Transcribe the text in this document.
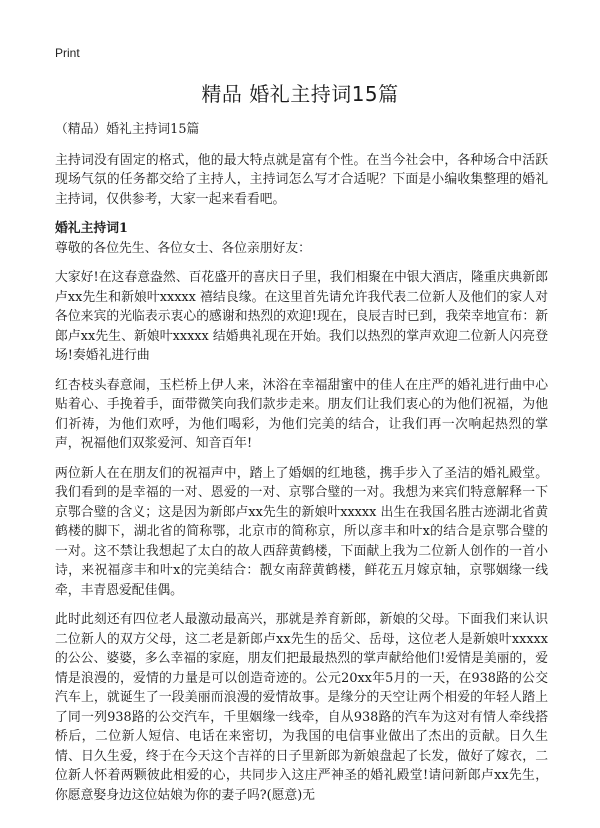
Print
精品 婚礼主持词15篇

（精品）婚礼主持词15篇

主持词没有固定的格式，他的最大特点就是富有个性。在当今社会中，各种场合中活跃现场气氛的任务都交给了主持人，主持词怎么写才合适呢？下面是小编收集整理的婚礼主持词，仅供参考，大家一起来看看吧。

婚礼主持词1

尊敬的各位先生、各位女士、各位亲朋好友：

大家好!在这春意盎然、百花盛开的喜庆日子里，我们相聚在中银大酒店，隆重庆典新郎卢xx先生和新娘叶xxxxx 禧结良缘。在这里首先请允许我代表二位新人及他们的家人对各位来宾的光临表示衷心的感谢和热烈的欢迎!现在，良辰吉时已到，我荣幸地宣布：新郎卢xx先生、新娘叶xxxxx 结婚典礼现在开始。我们以热烈的掌声欢迎二位新人闪亮登场!奏婚礼进行曲

红杏枝头春意闹，玉栏桥上伊人来，沐浴在幸福甜蜜中的佳人在庄严的婚礼进行曲中心贴着心、手挽着手，面带微笑向我们款步走来。朋友们让我们衷心的为他们祝福，为他们祈祷，为他们欢呼，为他们喝彩，为他们完美的结合，让我们再一次响起热烈的掌声，祝福他们双浆爱河、知音百年!

两位新人在在朋友们的祝福声中，踏上了婚姻的红地毯，携手步入了圣洁的婚礼殿堂。我们看到的是幸福的一对、恩爱的一对、京鄂合璧的一对。我想为来宾们特意解释一下京鄂合璧的含义；这是因为新郎卢xx先生的新娘叶xxxxx 出生在我国名胜古迹湖北省黄鹤楼的脚下，湖北省的简称鄂，北京市的简称京，所以彦丰和叶x的结合是京鄂合璧的一对。这不禁让我想起了太白的故人西辞黄鹤楼，下面献上我为二位新人创作的一首小诗，来祝福彦丰和叶x的完美结合：靓女南辞黄鹤楼，鲜花五月嫁京轴，京鄂姻缘一线牵，丰青恩爱配佳偶。

此时此刻还有四位老人最激动最高兴，那就是养育新郎，新娘的父母。下面我们来认识二位新人的双方父母，这二老是新郎卢xx先生的岳父、岳母，这位老人是新娘叶xxxxx 的公公、婆婆，多么幸福的家庭，朋友们把最最热烈的掌声献给他们!爱情是美丽的，爱情是浪漫的，爱情的力量是可以创造奇迹的。公元20xx年5月的一天，在938路的公交汽车上，就诞生了一段美丽而浪漫的爱情故事。是缘分的天空让两个相爱的年轻人踏上了同一列938路的公交汽车，千里姻缘一线牵，自从938路的汽车为这对有情人牵线搭桥后，二位新人短信、电话在来密切，为我国的电信事业做出了杰出的贡献。日久生情、日久生爱，终于在今天这个吉祥的日子里新郎为新娘盘起了长发，做好了嫁衣，二位新人怀着两颗彼此相爱的心，共同步入这庄严神圣的婚礼殿堂!请问新郎卢xx先生，你愿意娶身边这位姑娘为你的妻子吗?(愿意)无
